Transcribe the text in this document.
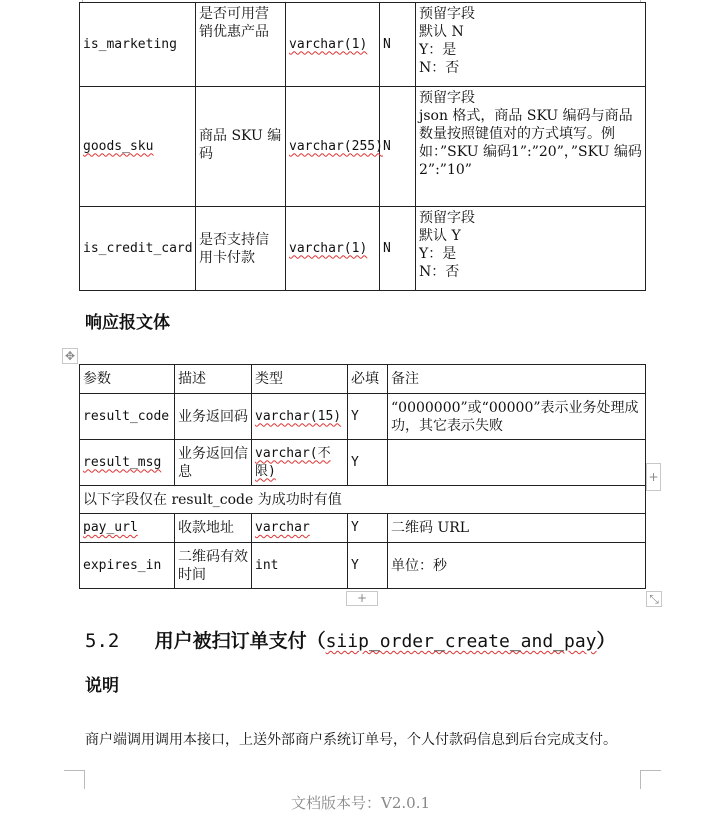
is_marketing	是否可用营销优惠产品	varchar(1)	N	预留字段
默认 N
Y：是
N：否

goods_sku	商品 SKU 编码	varchar(255)	N	预留字段
json 格式，商品 SKU 编码与商品数量按照键值对的方式填写。例如：”SKU 编码1”:”20”，”SKU 编码2”:”10”

is_credit_card	是否支持信用卡付款	varchar(1)	N	预留字段
默认 Y
Y：是
N：否
响应报文体
✥
参数	描述	类型	必填	备注
result_code	业务返回码	varchar(15)	Y	“0000000”或“00000”表示业务处理成功，其它表示失败
result_msg	业务返回信息	varchar(不限)	Y	
以下字段仅在 result_code 为成功时有值				
pay_url	收款地址	varchar	Y	二维码 URL
expires_in	二维码有效时间	int	Y	单位：秒
+
+	⤡
5.2 用户被扫订单支付（siip_order_create_and_pay）
说明
商户端调用调用本接口，上送外部商户系统订单号，个人付款码信息到后台完成支付。
文档版本号：V2.0.1
